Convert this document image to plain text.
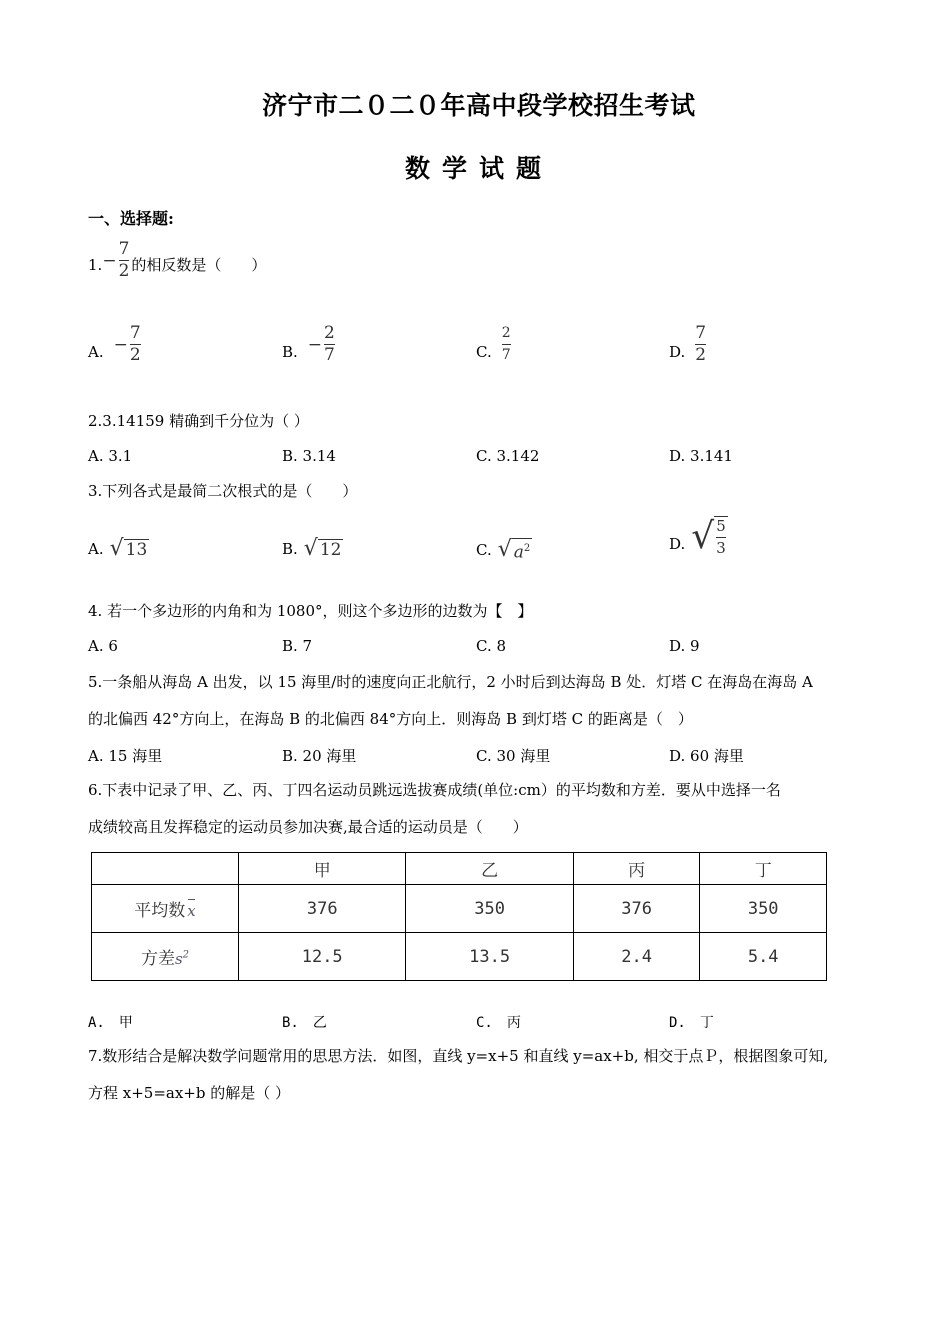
济宁市二０二０年高中段学校招生考试
数学试题
一、选择题:
1. − $\frac{7}{2}$ 的相反数是（　　）
A. − $\frac{7}{2}$	B. − $\frac{2}{7}$	C. $\frac{2}{7}$	D. $\frac{7}{2}$
2.3.14159 精确到千分位为（ ）
A. 3.1	B. 3.14	C. 3.142	D. 3.141
3.下列各式是最简二次根式的是（　　）
A. √ 13	B. √ 12	C. √ $a^2$	D. √ $\frac{5}{3}$
4. 若一个多边形的内角和为 1080°，则这个多边形的边数为【　】
A. 6	B. 7	C. 8	D. 9
5.一条船从海岛 A 出发，以 15 海里/时的速度向正北航行，2 小时后到达海岛 B 处．灯塔 C 在海岛在海岛 A
的北偏西 42°方向上，在海岛 B 的北偏西 84°方向上．则海岛 B 到灯塔 C 的距离是（　）
A. 15 海里	B. 20 海里	C. 30 海里	D. 60 海里
6.下表中记录了甲、乙、丙、丁四名运动员跳远选拔赛成绩(单位:cm）的平均数和方差．要从中选择一名
成绩较高且发挥稳定的运动员参加决赛,最合适的运动员是（　　）
	甲	乙	丙	丁
平均数 x	376	350	376	350
方差$s^2$	12.5	13.5	2.4	5.4
A.　甲	B.　乙	C.　丙	D.　丁
7.数形结合是解决数学问题常用的思思方法．如图，直线 y=x+5 和直线 y=ax+b, 相交于点Ｐ，根据图象可知,
方程 x+5=ax+b 的解是（ ）
